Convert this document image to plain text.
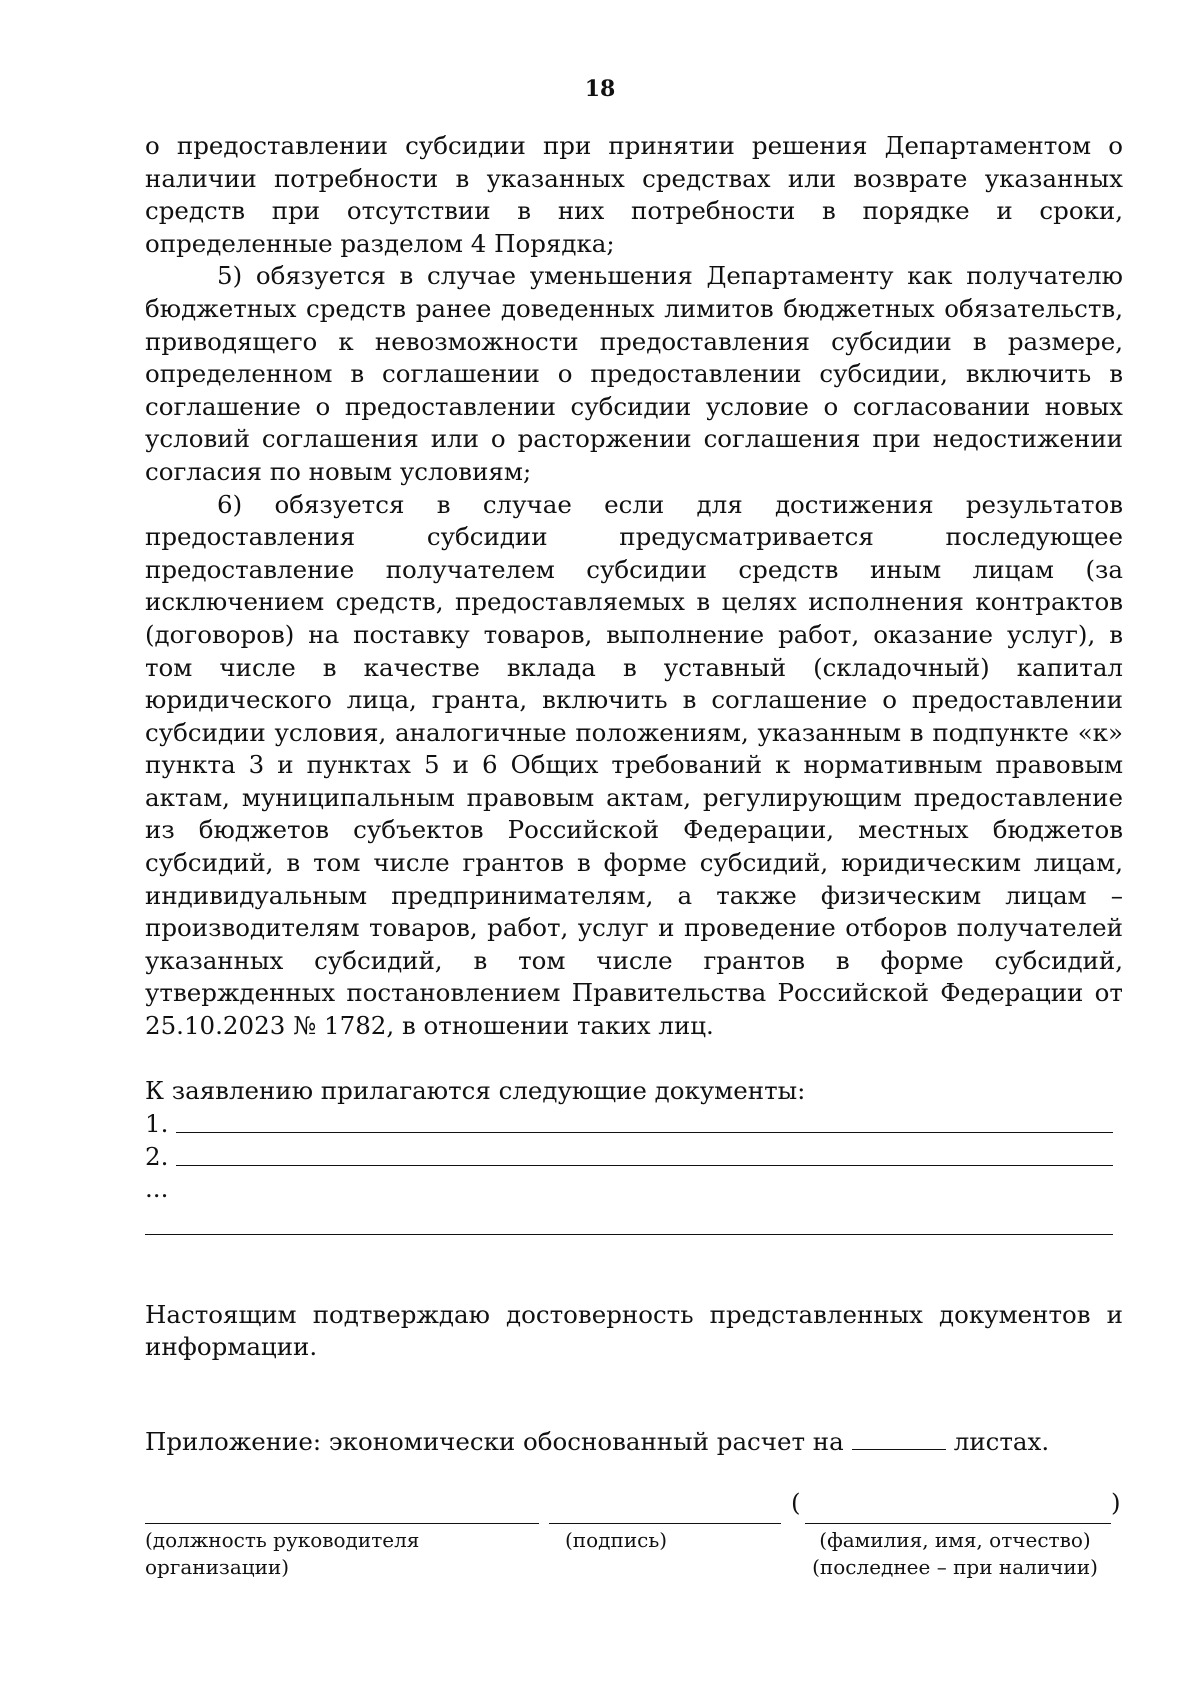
18

о предоставлении субсидии при принятии решения Департаментом о наличии потребности в указанных средствах или возврате указанных средств при отсутствии в них потребности в порядке и сроки, определенные разделом 4 Порядка;

5) обязуется в случае уменьшения Департаменту как получателю бюджетных средств ранее доведенных лимитов бюджетных обязательств, приводящего к невозможности предоставления субсидии в размере, определенном в соглашении о предоставлении субсидии, включить в соглашение о предоставлении субсидии условие о согласовании новых условий соглашения или о расторжении соглашения при недостижении согласия по новым условиям;

6) обязуется в случае если для достижения результатов предоставления субсидии предусматривается последующее предоставление получателем субсидии средств иным лицам (за исключением средств, предоставляемых в целях исполнения контрактов (договоров) на поставку товаров, выполнение работ, оказание услуг), в том числе в качестве вклада в уставный (складочный) капитал юридического лица, гранта, включить в соглашение о предоставлении субсидии условия, аналогичные положениям, указанным в подпункте «к» пункта 3 и пунктах 5 и 6 Общих требований к нормативным правовым актам, муниципальным правовым актам, регулирующим предоставление из бюджетов субъектов Российской Федерации, местных бюджетов субсидий, в том числе грантов в форме субсидий, юридическим лицам, индивидуальным предпринимателям, а также физическим лицам – производителям товаров, работ, услуг и проведение отборов получателей указанных субсидий, в том числе грантов в форме субсидий, утвержденных постановлением Правительства Российской Федерации от 25.10.2023 № 1782, в отношении таких лиц.

К заявлению прилагаются следующие документы:
1.
2.
...

Настоящим подтверждаю достоверность представленных документов и информации.

Приложение: экономически обоснованный расчет на	листах.
(	)
(должность руководителя
организации)
(подпись)	(фамилия, имя, отчество)
(последнее – при наличии)
